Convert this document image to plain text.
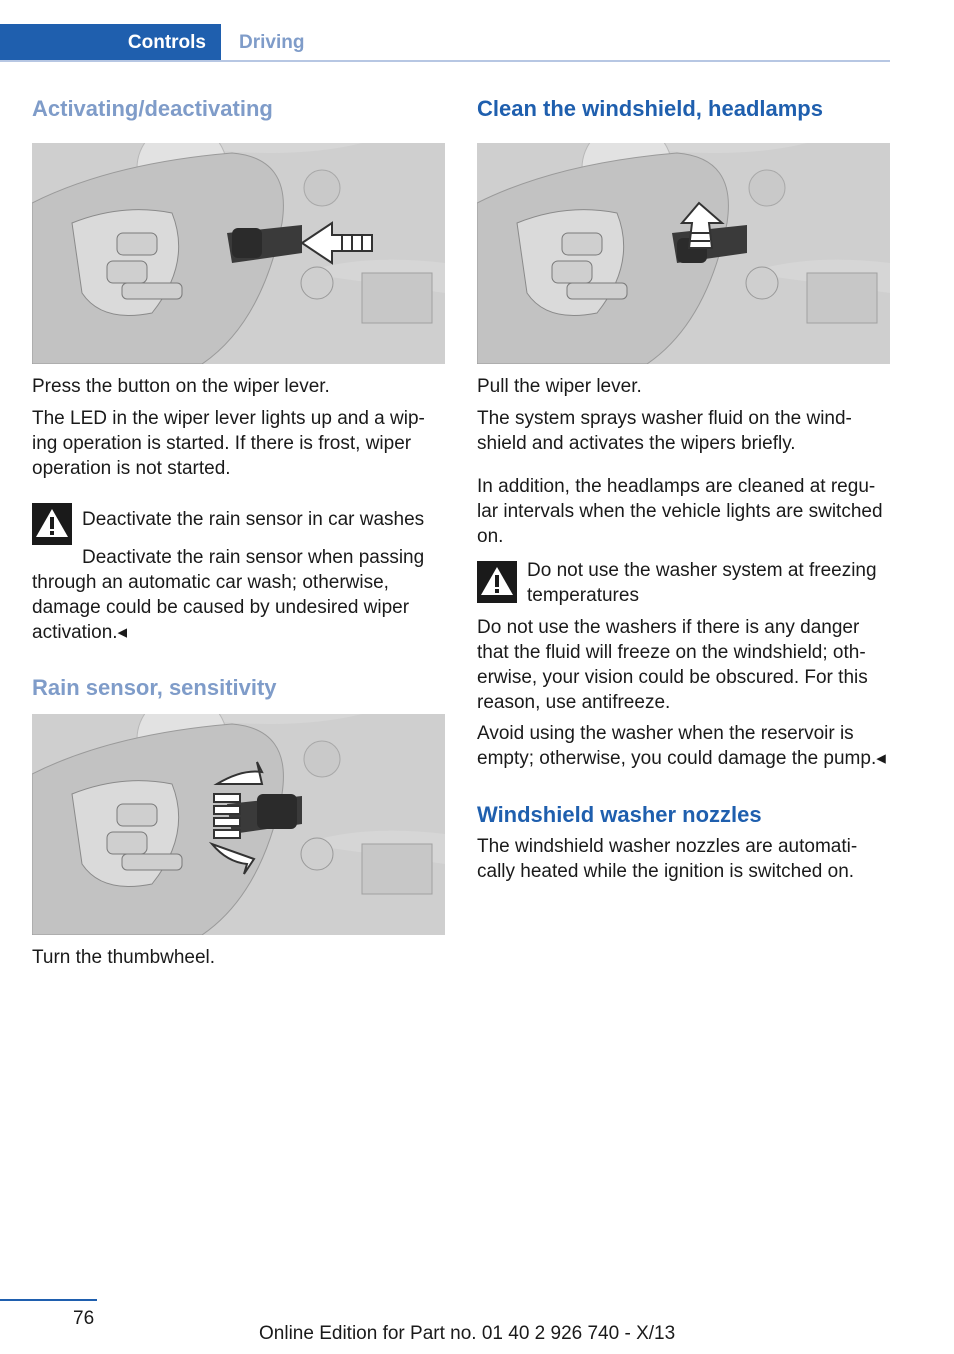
Controls	Driving
Activating/deactivating

Press the button on the wiper lever.

The LED in the wiper lever lights up and a wip‐ing operation is started. If there is frost, wiper operation is not started.

Deactivate the rain sensor in car washes

Deactivate the rain sensor when passing through an automatic car wash; otherwise, damage could be caused by undesired wiper activation.◂

Rain sensor, sensitivity

Turn the thumbwheel.

Clean the windshield, headlamps

Pull the wiper lever.

The system sprays washer fluid on the wind‐shield and activates the wipers briefly.

In addition, the headlamps are cleaned at regu‐lar intervals when the vehicle lights are switched on.

Do not use the washer system at freezing temperatures

Do not use the washers if there is any danger that the fluid will freeze on the windshield; oth‐erwise, your vision could be obscured. For this reason, use antifreeze.

Avoid using the washer when the reservoir is empty; otherwise, you could damage the pump.◂

Windshield washer nozzles

The windshield washer nozzles are automati‐cally heated while the ignition is switched on.

76
Online Edition for Part no. 01 40 2 926 740 - X/13
